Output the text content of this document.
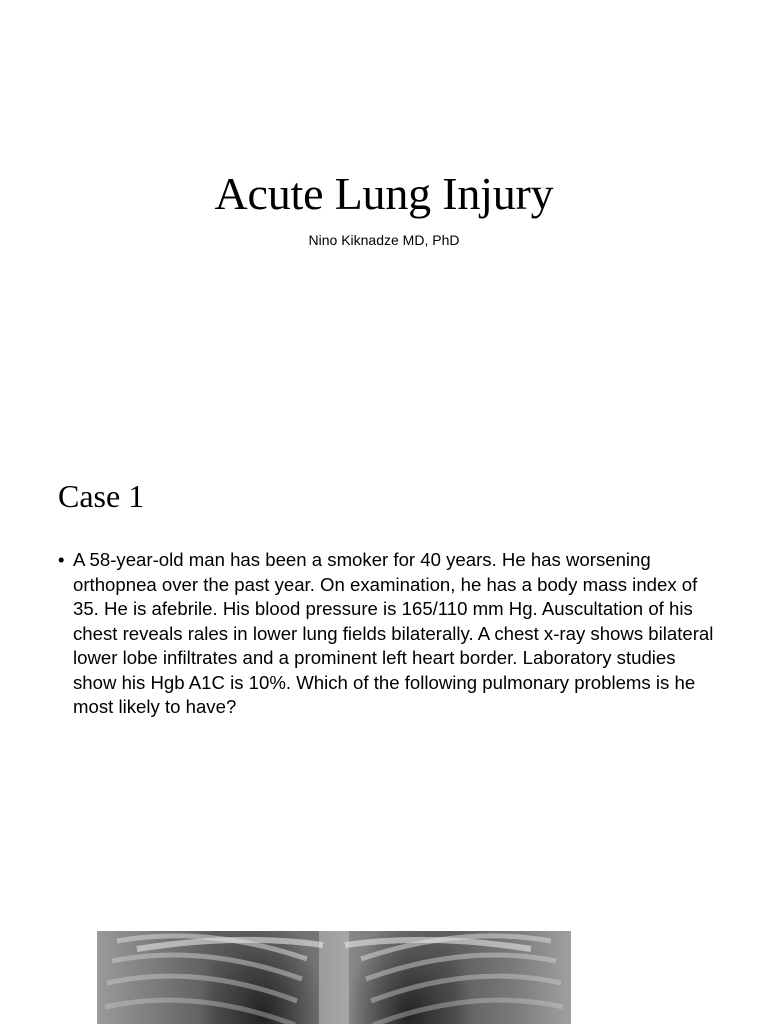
Acute Lung Injury
Nino Kiknadze MD, PhD
Case 1
• A 58-year-old man has been a smoker for 40 years. He has worsening orthopnea over the past year. On examination, he has a body mass index of 35. He is afebrile. His blood pressure is 165/110 mm Hg. Auscultation of his chest reveals rales in lower lung fields bilaterally. A chest x-ray shows bilateral lower lobe infiltrates and a prominent left heart border. Laboratory studies show his Hgb A1C is 10%. Which of the following pulmonary problems is he most likely to have?
